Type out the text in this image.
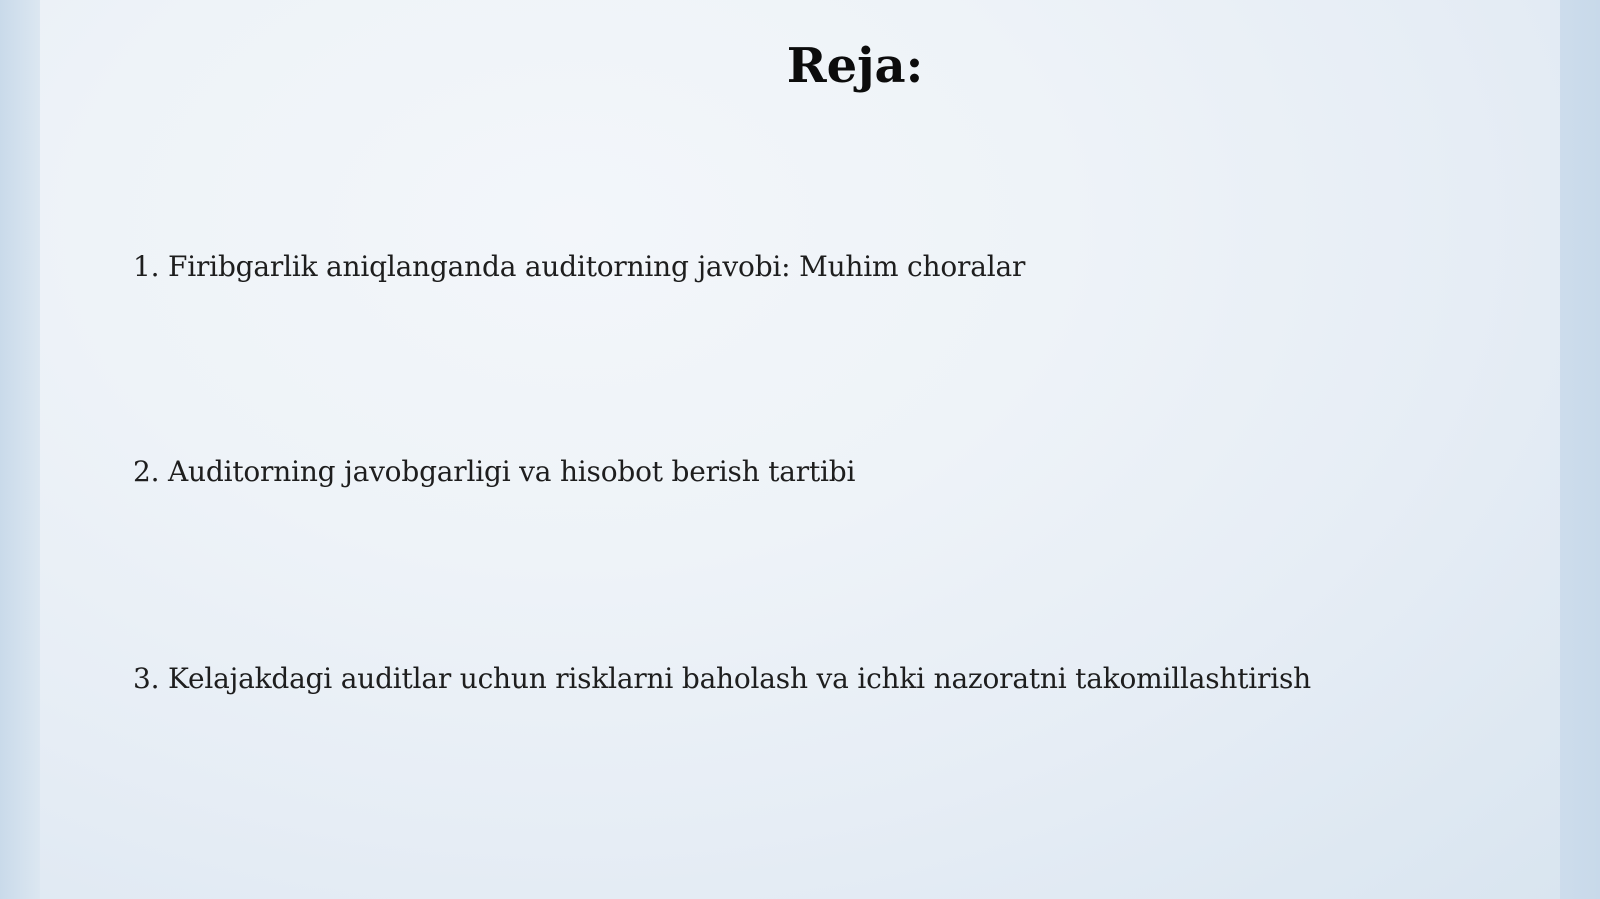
Reja:
1. Firibgarlik aniqlanganda auditorning javobi: Muhim choralar
2. Auditorning javobgarligi va hisobot berish tartibi
3. Kelajakdagi auditlar uchun risklarni baholash va ichki nazoratni takomillashtirish
